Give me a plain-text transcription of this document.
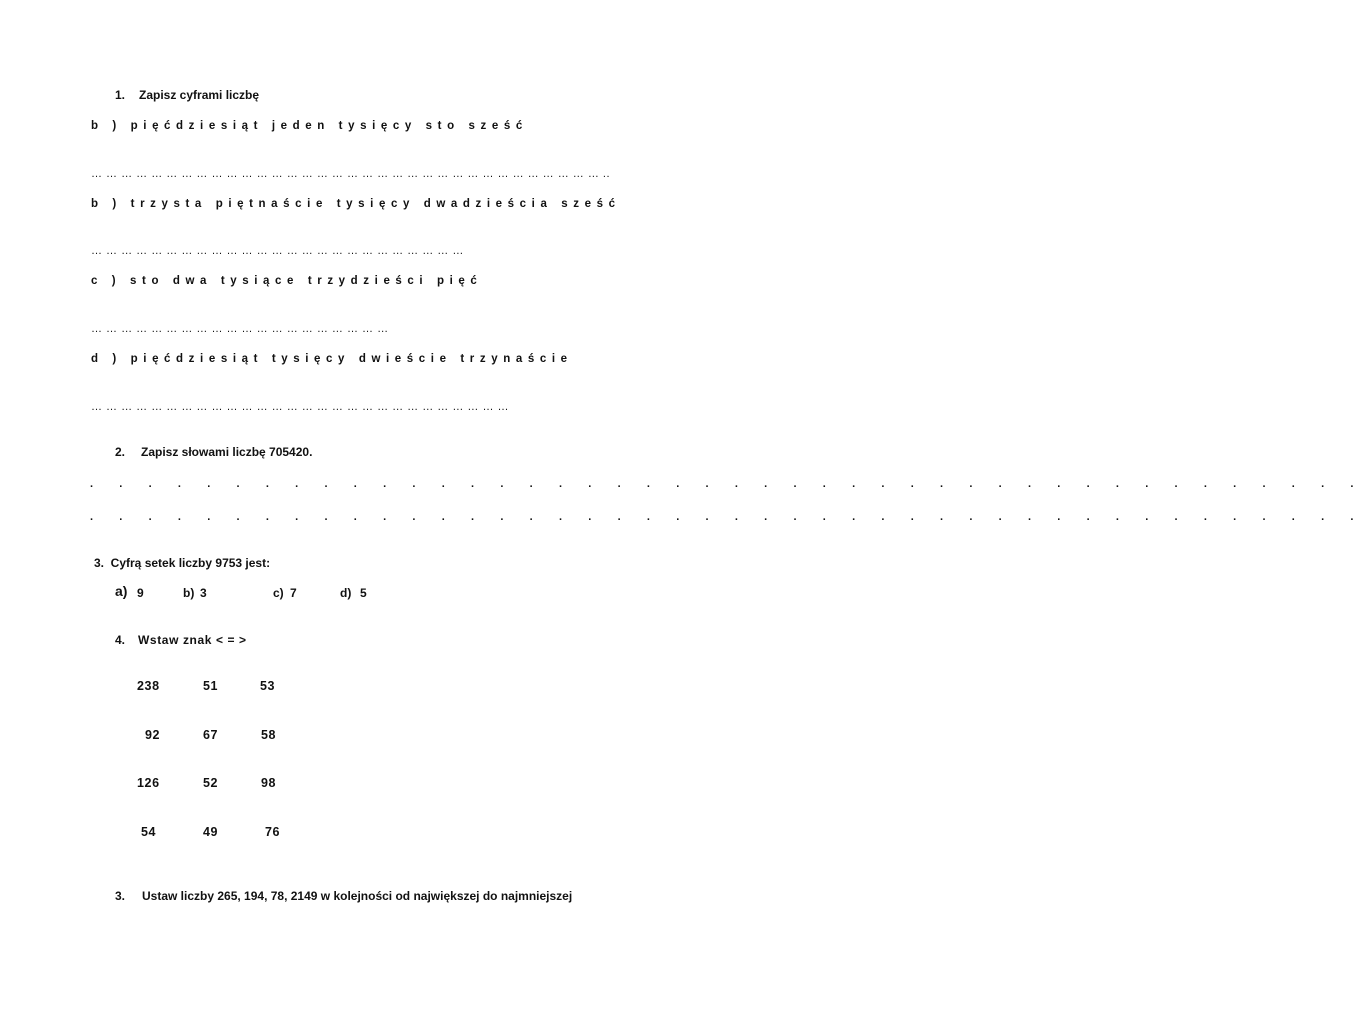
1. Zapisz cyframi liczbę
b ) pięćdziesiąt jeden tysięcy sto sześć
… … … … … … … … … … … … … … … … … … … … … … … … … … … … … … … … … … ..
b ) trzysta piętnaście tysięcy dwadzieścia sześć
… … … … … … … … … … … … … … … … … … … … … … … … …
c ) sto dwa tysiące trzydzieści pięć
… … … … … … … … … … … … … … … … … … … …
d ) pięćdziesiąt tysięcy dwieście trzynaście
… … … … … … … … … … … … … … … … … … … … … … … … … … … …
2. Zapisz słowami liczbę 705420.
. . . . . . . . . . . . . . . . . . . . . . . . . . . . . . . . . . . . . . . . . . . .
. . . . . . . . . . . . . . . . . . . . . . . . . . . . . . . . . . . . . . . . . . . .
3.  Cyfrą setek liczby 9753 jest:
a) 9	b) 3	c) 7	d) 5
4. Wstaw znak < = >
238	51	53
92	67	58
126	52	98
54	49	76
3. Ustaw liczby 265, 194, 78, 2149 w kolejności od największej do najmniejszej
